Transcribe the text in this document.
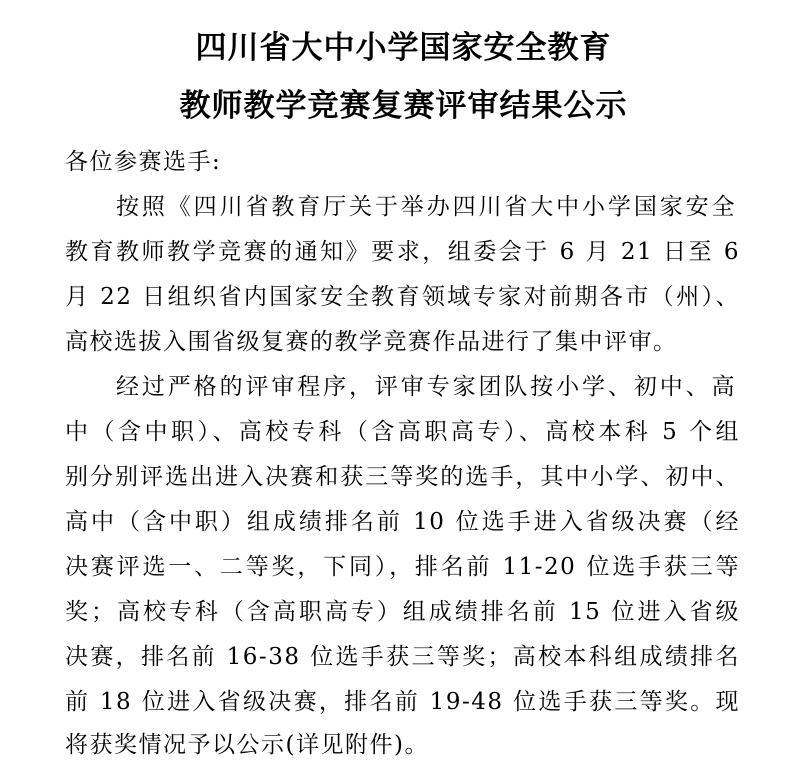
四川省大中小学国家安全教育
教师教学竞赛复赛评审结果公示
各位参赛选手:
按照《四川省教育厅关于举办四川省大中小学国家安全
教育教师教学竞赛的通知》要求，组委会于 6 月 21 日至 6
月 22 日组织省内国家安全教育领域专家对前期各市（州）、
高校选拔入围省级复赛的教学竞赛作品进行了集中评审。
经过严格的评审程序，评审专家团队按小学、初中、高
中（含中职）、高校专科（含高职高专）、高校本科 5 个组
别分别评选出进入决赛和获三等奖的选手，其中小学、初中、
高中（含中职）组成绩排名前 10 位选手进入省级决赛（经
决赛评选一、二等奖，下同），排名前 11-20 位选手获三等
奖；高校专科（含高职高专）组成绩排名前 15 位进入省级
决赛，排名前 16-38 位选手获三等奖；高校本科组成绩排名
前 18 位进入省级决赛，排名前 19-48 位选手获三等奖。现
将获奖情况予以公示(详见附件)。
